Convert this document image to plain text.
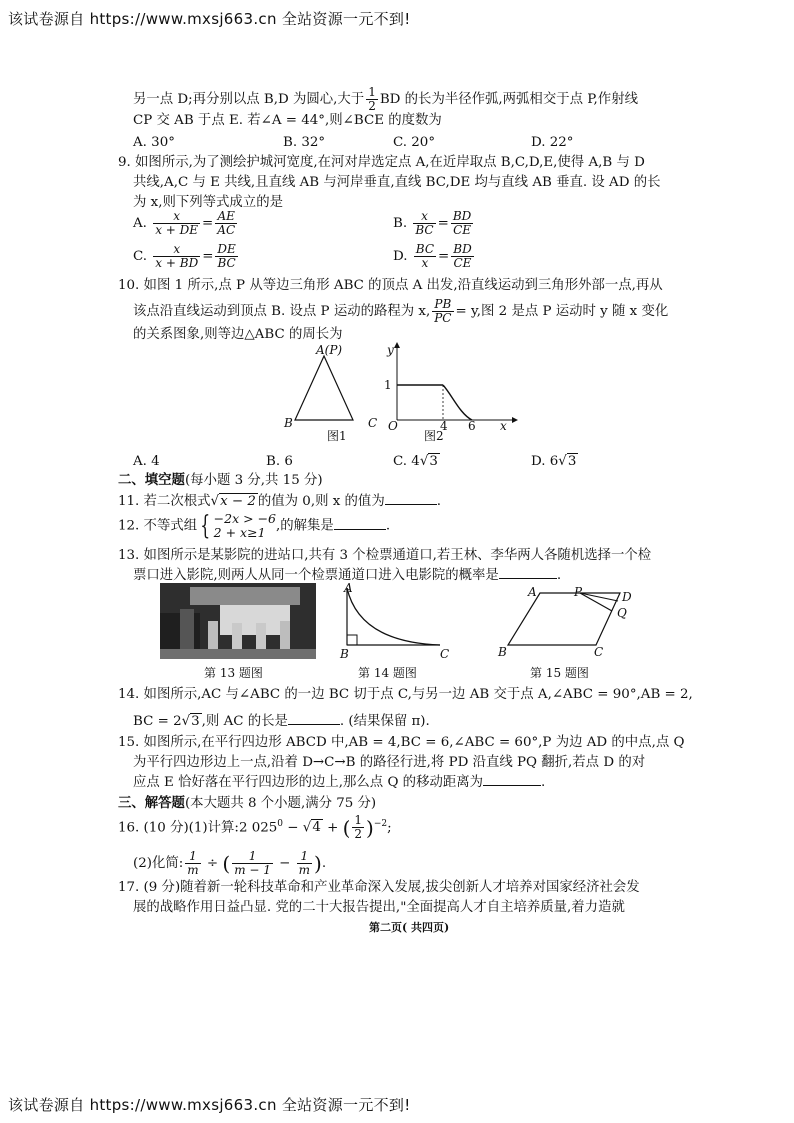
该试卷源自 https://www.mxsj663.cn 全站资源一元不到!
该试卷源自 https://www.mxsj663.cn 全站资源一元不到!
另一点 D;再分别以点 B,D 为圆心,大于 $\frac{1}{2}$ BD 的长为半径作弧,两弧相交于点 P,作射线
CP 交 AB 于点 E. 若∠A = 44°,则∠BCE 的度数为
A. 30°	B. 32°	C. 20°	D. 22°
9. 如图所示,为了测绘护城河宽度,在河对岸选定点 A,在近岸取点 B,C,D,E,使得 A,B 与 D
共线,A,C 与 E 共线,且直线 AB 与河岸垂直,直线 BC,DE 均与直线 AB 垂直. 设 AD 的长
为 x,则下列等式成立的是
A. $\frac{x}{x + DE} = \frac{AE}{AC}$	B. $\frac{x}{BC} = \frac{BD}{CE}$
C. $\frac{x}{x + BD} = \frac{DE}{BC}$	D. $\frac{BC}{x} = \frac{BD}{CE}$
10. 如图 1 所示,点 P 从等边三角形 ABC 的顶点 A 出发,沿直线运动到三角形外部一点,再从
该点沿直线运动到顶点 B. 设点 P 运动的路程为 x, $\frac{PB}{PC} = y$,图 2 是点 P 运动时 y 随 x 变化
的关系图象,则等边△ABC 的周长为
A(P)
B	C
图1
y
1
O	4 6 x
图2
A. 4	B. 6	C. 4√3	D. 6√3
二、填空题(每小题 3 分,共 15 分)
11. 若二次根式√x − 2 的值为 0,则 x 的值为	.
12. 不等式组 { −2x > −6
2 + x≥1 ,的解集是	.
13. 如图所示是某影院的进站口,共有 3 个检票通道口,若王林、李华两人各随机选择一个检
票口进入影院,则两人从同一个检票通道口进入电影院的概率是	.
第 13 题图
A
B	C
第 14 题图
A	P	D
Q
B	C
第 15 题图
14. 如图所示,AC 与∠ABC 的一边 BC 切于点 C,与另一边 AB 交于点 A,∠ABC = 90°,AB = 2,
BC = 2√3 ,则 AC 的长是	. (结果保留 π).
15. 如图所示,在平行四边形 ABCD 中,AB = 4,BC = 6,∠ABC = 60°,P 为边 AD 的中点,点 Q
为平行四边形边上一点,沿着 D→C→B 的路径行进,将 PD 沿直线 PQ 翻折,若点 D 的对
应点 E 恰好落在平行四边形的边上,那么点 Q 的移动距离为	.
三、解答题(本大题共 8 个小题,满分 75 分)
16. (10 分)(1)计算:2 $025^0 - √4$ + ( $\frac{1}{2} )^{-2}$;
(2)化简: $\frac{1}{m}$ ÷ ( $\frac{1}{m - 1} - \frac{1}{m}$ ).
17. (9 分)随着新一轮科技革命和产业革命深入发展,拔尖创新人才培养对国家经济社会发
展的战略作用日益凸显. 党的二十大报告提出,"全面提高人才自主培养质量,着力造就
第二页( 共四页)
